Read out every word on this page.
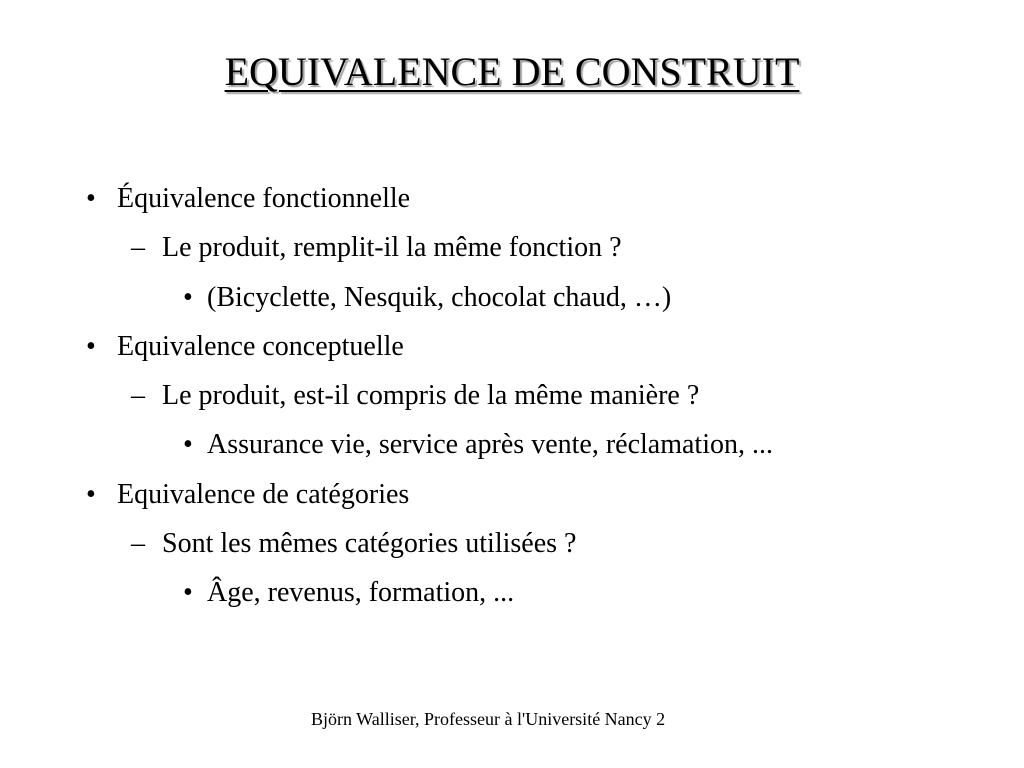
EQUIVALENCE DE CONSTRUIT
• Équivalence fonctionnelle
– Le produit, remplit-il la même fonction ?
• (Bicyclette, Nesquik, chocolat chaud, …)
• Equivalence conceptuelle
– Le produit, est-il compris de la même manière ?
• Assurance vie, service après vente, réclamation, ...
• Equivalence de catégories
– Sont les mêmes catégories utilisées ?
• Âge, revenus, formation, ...
Björn Walliser, Professeur à l'Université Nancy 2
